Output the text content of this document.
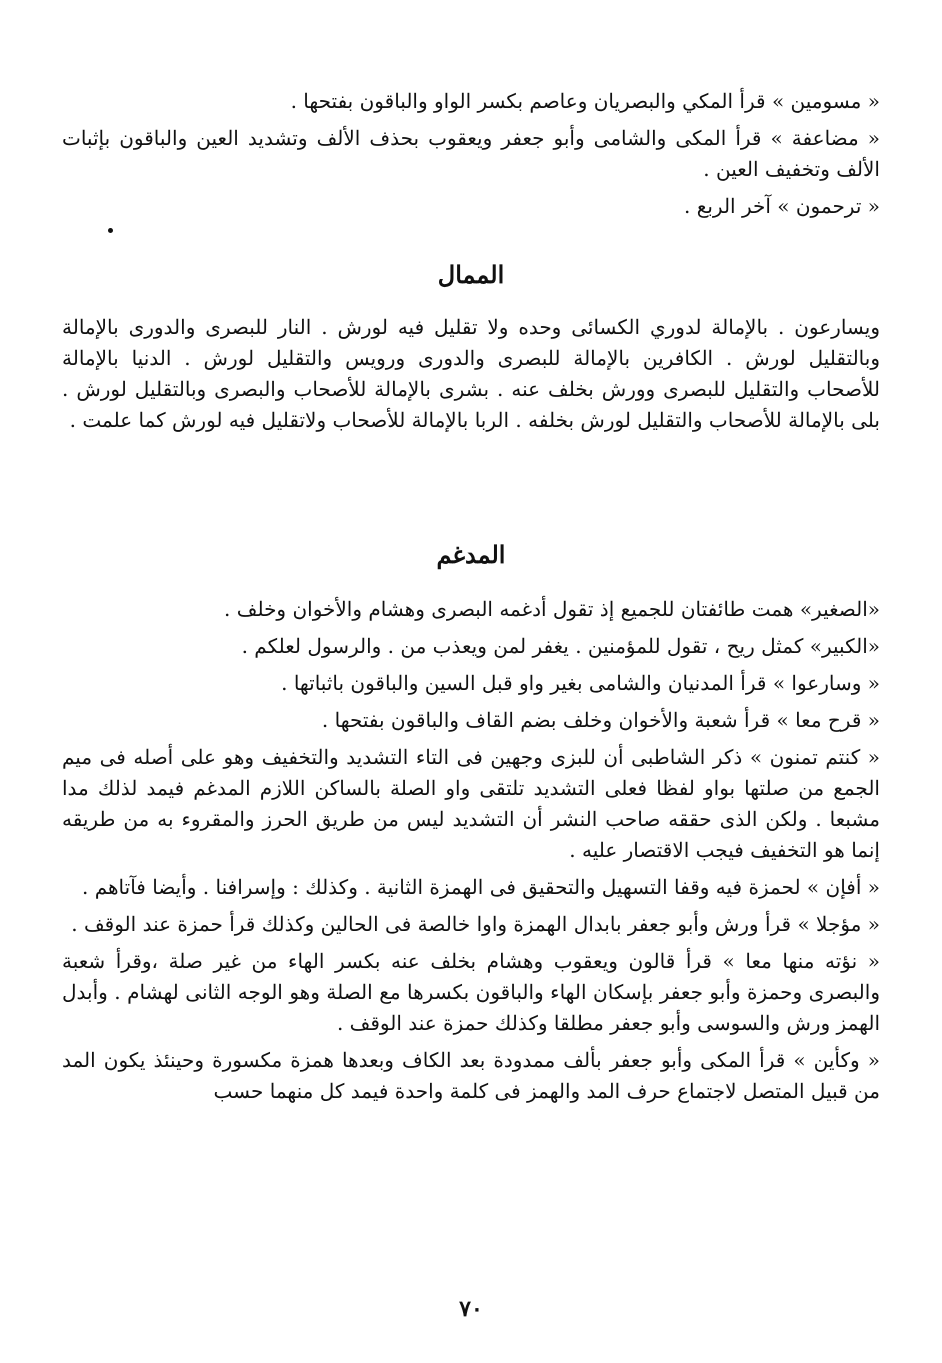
« مسومين » قرأ المكي والبصريان وعاصم بكسر الواو والباقون بفتحها .

« مضاعفة » قرأ المكى والشامى وأبو جعفر ويعقوب بحذف الألف وتشديد العين والباقون بإثبات الألف وتخفيف العين .

« ترحمون » آخر الربع .

الممال

ويسارعون . بالإمالة لدوري الكسائى وحده ولا تقليل فيه لورش . النار للبصرى والدورى بالإمالة وبالتقليل لورش . الكافرين بالإمالة للبصرى والدورى ورويس والتقليل لورش . الدنيا بالإمالة للأصحاب والتقليل للبصرى وورش بخلف عنه . بشرى بالإمالة للأصحاب والبصرى وبالتقليل لورش . بلى بالإمالة للأصحاب والتقليل لورش بخلفه . الربا بالإمالة للأصحاب ولاتقليل فيه لورش كما علمت .

المدغم

«الصغير» همت طائفتان للجميع إذ تقول أدغمه البصرى وهشام والأخوان وخلف .

«الكبير» كمثل ريح ، تقول للمؤمنين . يغفر لمن ويعذب من . والرسول لعلكم .

« وسارعوا » قرأ المدنيان والشامى بغير واو قبل السين والباقون باثباتها .

« قرح معا » قرأ شعبة والأخوان وخلف بضم القاف والباقون بفتحها .

« كنتم تمنون » ذكر الشاطبى أن للبزى وجهين فى التاء التشديد والتخفيف وهو على أصله فى ميم الجمع من صلتها بواو لفظا فعلى التشديد تلتقى واو الصلة بالساكن اللازم المدغم فيمد لذلك مدا مشبعا . ولكن الذى حققه صاحب النشر أن التشديد ليس من طريق الحرز والمقروء به من طريقه إنما هو التخفيف فيجب الاقتصار عليه .

« أفإن » لحمزة فيه وقفا التسهيل والتحقيق فى الهمزة الثانية . وكذلك : وإسرافنا . وأيضا فآتاهم .

« مؤجلا » قرأ ورش وأبو جعفر بابدال الهمزة واوا خالصة فى الحالين وكذلك قرأ حمزة عند الوقف .

« نؤته منها معا » قرأ قالون ويعقوب وهشام بخلف عنه بكسر الهاء من غير صلة ،وقرأ شعبة والبصرى وحمزة وأبو جعفر بإسكان الهاء والباقون بكسرها مع الصلة وهو الوجه الثانى لهشام . وأبدل الهمز ورش والسوسى وأبو جعفر مطلقا وكذلك حمزة عند الوقف .

« وكأين » قرأ المكى وأبو جعفر بألف ممدودة بعد الكاف وبعدها همزة مكسورة وحينئذ يكون المد من قبيل المتصل لاجتماع حرف المد والهمز فى كلمة واحدة فيمد كل منهما حسب

٧٠
